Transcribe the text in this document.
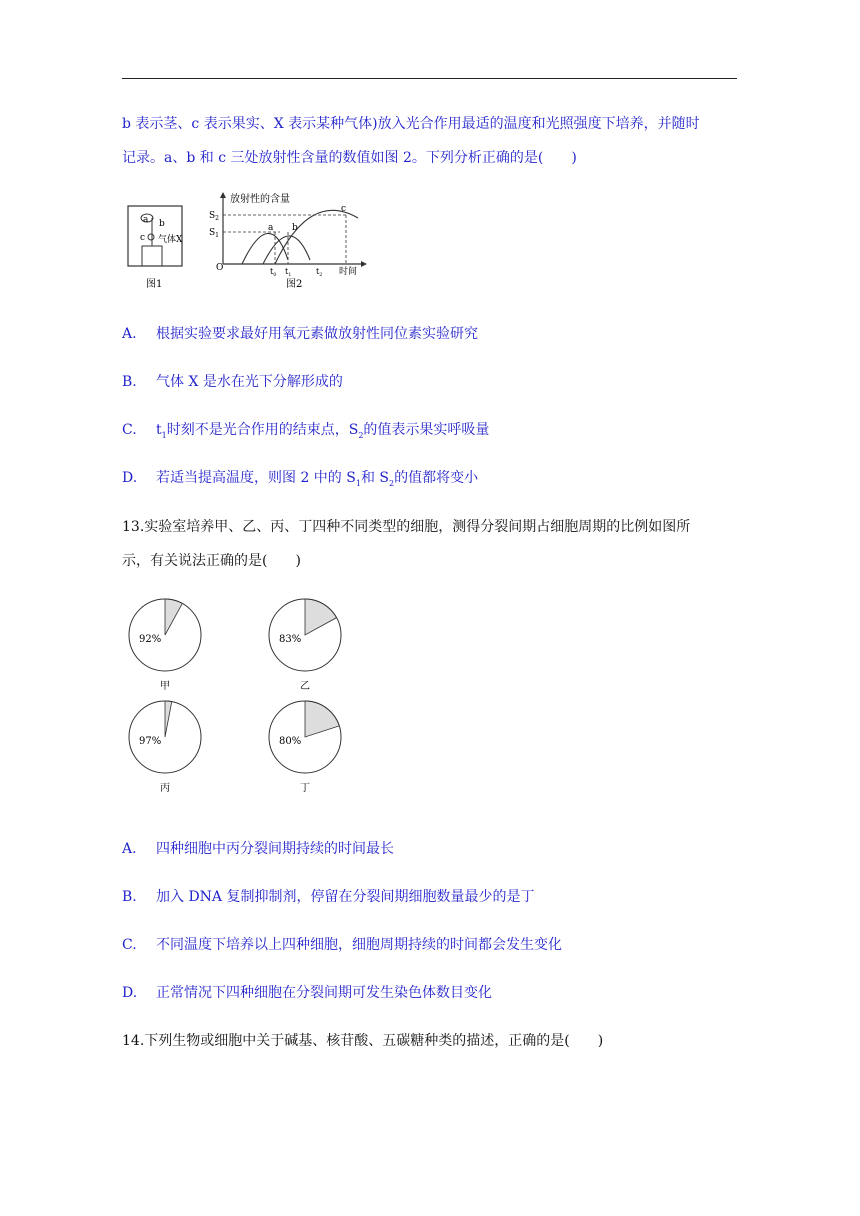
b 表示茎、c 表示果实、X 表示某种气体)放入光合作用最适的温度和光照强度下培养，并随时
记录。a、b 和 c 三处放射性含量的数值如图 2。下列分析正确的是(　　)
a b
c 气体X
图1
放射性的含量
$S_2$
$S_1$
O
a b
c
$t_0$ $t_1$	$t_2$ 时间
图2
A. 根据实验要求最好用氧元素做放射性同位素实验研究
B. 气体 X 是水在光下分解形成的
C. $t_1$时刻不是光合作用的结束点，$S_2$的值表示果实呼吸量
D. 若适当提高温度，则图 2 中的 $S_1$和 $S_2$的值都将变小
13.实验室培养甲、乙、丙、丁四种不同类型的细胞，测得分裂间期占细胞周期的比例如图所
示，有关说法正确的是(　　)
92%
甲
83%
乙
97%
丙
80%
丁
A. 四种细胞中丙分裂间期持续的时间最长
B. 加入 DNA 复制抑制剂，停留在分裂间期细胞数量最少的是丁
C. 不同温度下培养以上四种细胞，细胞周期持续的时间都会发生变化
D. 正常情况下四种细胞在分裂间期可发生染色体数目变化
14.下列生物或细胞中关于碱基、核苷酸、五碳糖种类的描述，正确的是(　　)
